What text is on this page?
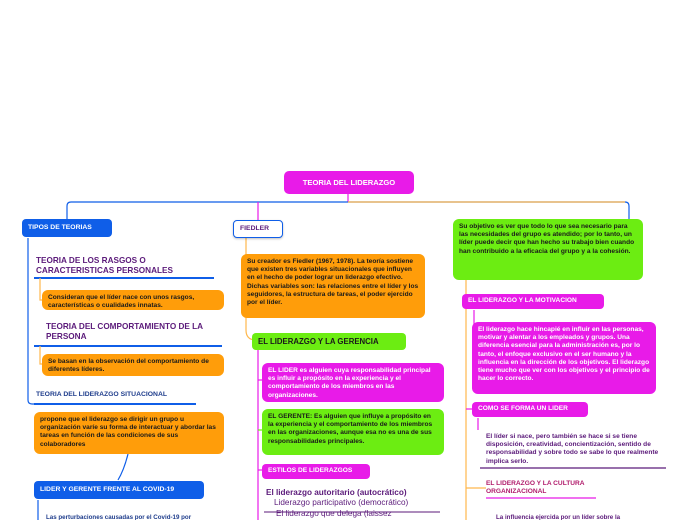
TEORIA DEL LIDERAZGO
TIPOS DE TEORIAS
TEORIA DE LOS RASGOS O CARACTERISTICAS PERSONALES
Consideran que el líder nace con unos rasgos, características o cualidades innatas.
TEORIA DEL COMPORTAMIENTO DE LA PERSONA
Se basan en la observación del comportamiento de diferentes líderes.
TEORIA DEL LIDERAZGO SITUACIONAL
propone que el liderazgo se dirigir un grupo u organización varíe su forma de interactuar y abordar las tareas en función de las condiciones de sus colaboradores
LIDER Y GERENTE FRENTE AL COVID-19
Las perturbaciones causadas por el Covid-19 por
FIEDLER
Su creador es Fiedler (1967, 1978). La teoría sostiene que existen tres variables situacionales que influyen en el hecho de poder lograr un liderazgo efectivo. Dichas variables son: las relaciones entre el líder y los seguidores, la estructura de tareas, el poder ejercido por el líder.
EL LIDERAZGO Y LA GERENCIA
EL LIDER es alguien cuya responsabilidad principal es influir a propósito en la experiencia y el comportamiento de los miembros en las organizaciones.
EL GERENTE: Es alguien que influye a propósito en la experiencia y el comportamiento de los miembros en las organizaciones, aunque esa no es una de sus responsabilidades principales.
ESTILOS DE LIDERAZGOS
El liderazgo autoritario (autocrático)
Liderazgo participativo (democrático)
El liderazgo que delega (laissez
Su objetivo es ver que todo lo que sea necesario para las necesidades del grupo es atendido; por lo tanto, un líder puede decir que han hecho su trabajo bien cuando han contribuido a la eficacia del grupo y a la cohesión.
EL LIDERAZGO Y LA MOTIVACION
El liderazgo hace hincapié en influir en las personas, motivar y alentar a los empleados y grupos. Una diferencia esencial para la administración es, por lo tanto, el enfoque exclusivo en el ser humano y la influencia en la dirección de los objetivos. El liderazgo tiene mucho que ver con los objetivos y el principio de hacer lo correcto.
COMO SE FORMA UN LIDER
El líder si nace, pero también se hace si se tiene disposición, creatividad, concientización, sentido de responsabilidad y sobre todo se sabe lo que realmente implica serlo.
EL LIDERAZGO Y LA CULTURA ORGANIZACIONAL
La influencia ejercida por un líder sobre la
